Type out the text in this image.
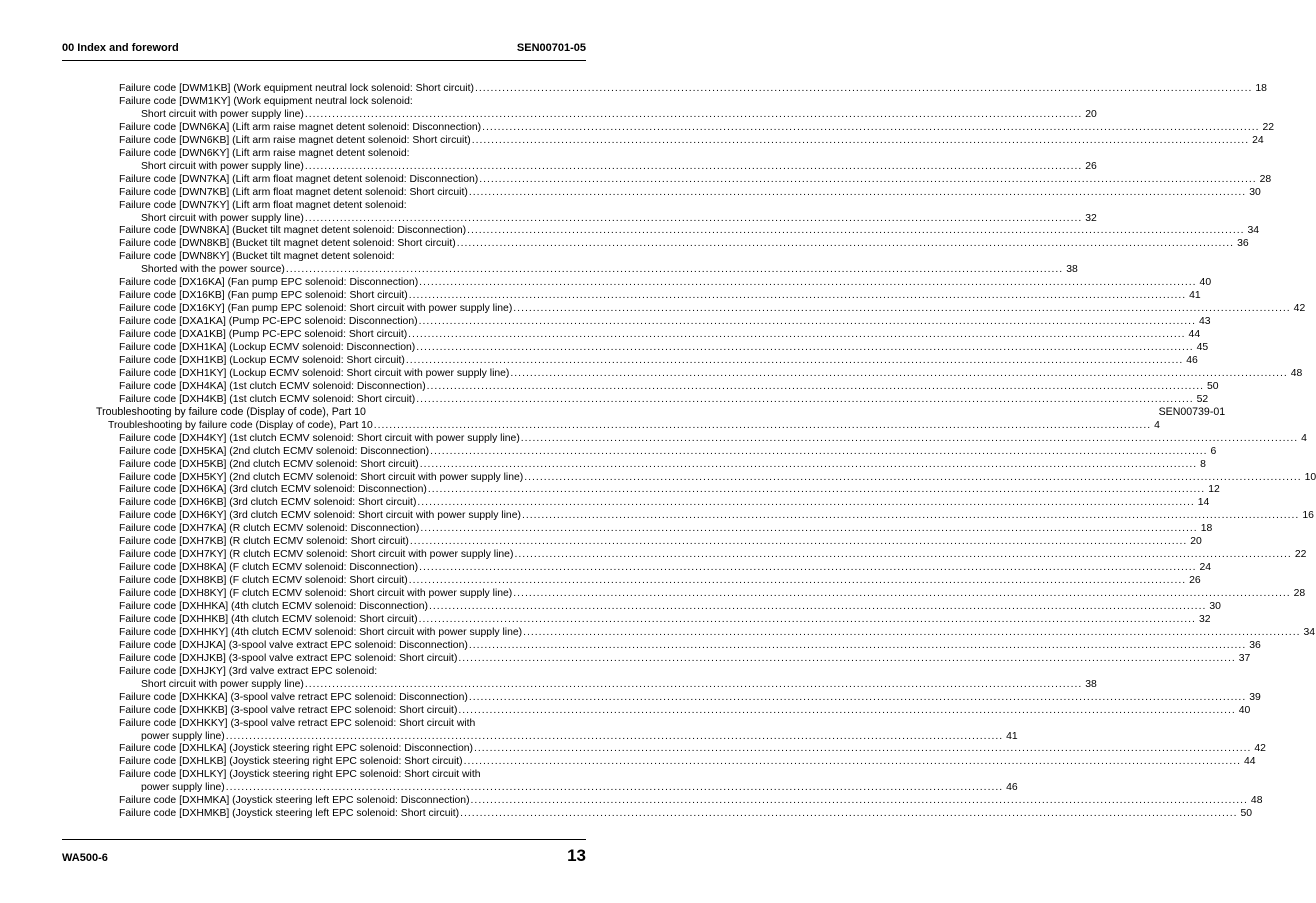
00 Index and foreword	SEN00701-05
Failure code [DWM1KB] (Work equipment neutral lock solenoid: Short circuit) ........................................................................................................................................................................................................ 18
Failure code [DWM1KY] (Work equipment neutral lock solenoid:
Short circuit with power supply line) ........................................................................................................................................................................................................ 20
Failure code [DWN6KA] (Lift arm raise magnet detent solenoid: Disconnection) ........................................................................................................................................................................................................ 22
Failure code [DWN6KB] (Lift arm raise magnet detent solenoid: Short circuit) ........................................................................................................................................................................................................ 24
Failure code [DWN6KY] (Lift arm raise magnet detent solenoid:
Short circuit with power supply line) ........................................................................................................................................................................................................ 26
Failure code [DWN7KA] (Lift arm float magnet detent solenoid: Disconnection) ........................................................................................................................................................................................................ 28
Failure code [DWN7KB] (Lift arm float magnet detent solenoid: Short circuit) ........................................................................................................................................................................................................ 30
Failure code [DWN7KY] (Lift arm float magnet detent solenoid:
Short circuit with power supply line) ........................................................................................................................................................................................................ 32
Failure code [DWN8KA] (Bucket tilt magnet detent solenoid: Disconnection) ........................................................................................................................................................................................................ 34
Failure code [DWN8KB] (Bucket tilt magnet detent solenoid: Short circuit) ........................................................................................................................................................................................................ 36
Failure code [DWN8KY] (Bucket tilt magnet detent solenoid:
Shorted with the power source) ........................................................................................................................................................................................................ 38
Failure code [DX16KA] (Fan pump EPC solenoid: Disconnection) ........................................................................................................................................................................................................ 40
Failure code [DX16KB] (Fan pump EPC solenoid: Short circuit) ........................................................................................................................................................................................................ 41
Failure code [DX16KY] (Fan pump EPC solenoid: Short circuit with power supply line) ........................................................................................................................................................................................................ 42
Failure code [DXA1KA] (Pump PC-EPC solenoid: Disconnection) ........................................................................................................................................................................................................ 43
Failure code [DXA1KB] (Pump PC-EPC solenoid: Short circuit) ........................................................................................................................................................................................................ 44
Failure code [DXH1KA] (Lockup ECMV solenoid: Disconnection) ........................................................................................................................................................................................................ 45
Failure code [DXH1KB] (Lockup ECMV solenoid: Short circuit) ........................................................................................................................................................................................................ 46
Failure code [DXH1KY] (Lockup ECMV solenoid: Short circuit with power supply line) ........................................................................................................................................................................................................ 48
Failure code [DXH4KA] (1st clutch ECMV solenoid: Disconnection) ........................................................................................................................................................................................................ 50
Failure code [DXH4KB] (1st clutch ECMV solenoid: Short circuit) ........................................................................................................................................................................................................ 52
Troubleshooting by failure code (Display of code), Part 10	SEN00739-01
Troubleshooting by failure code (Display of code), Part 10 ........................................................................................................................................................................................................ 4
Failure code [DXH4KY] (1st clutch ECMV solenoid: Short circuit with power supply line) ........................................................................................................................................................................................................ 4
Failure code [DXH5KA] (2nd clutch ECMV solenoid: Disconnection) ........................................................................................................................................................................................................ 6
Failure code [DXH5KB] (2nd clutch ECMV solenoid: Short circuit) ........................................................................................................................................................................................................ 8
Failure code [DXH5KY] (2nd clutch ECMV solenoid: Short circuit with power supply line) ........................................................................................................................................................................................................ 10
Failure code [DXH6KA] (3rd clutch ECMV solenoid: Disconnection) ........................................................................................................................................................................................................ 12
Failure code [DXH6KB] (3rd clutch ECMV solenoid: Short circuit) ........................................................................................................................................................................................................ 14
Failure code [DXH6KY] (3rd clutch ECMV solenoid: Short circuit with power supply line) ........................................................................................................................................................................................................ 16
Failure code [DXH7KA] (R clutch ECMV solenoid: Disconnection) ........................................................................................................................................................................................................ 18
Failure code [DXH7KB] (R clutch ECMV solenoid: Short circuit) ........................................................................................................................................................................................................ 20
Failure code [DXH7KY] (R clutch ECMV solenoid: Short circuit with power supply line) ........................................................................................................................................................................................................ 22
Failure code [DXH8KA] (F clutch ECMV solenoid: Disconnection) ........................................................................................................................................................................................................ 24
Failure code [DXH8KB] (F clutch ECMV solenoid: Short circuit) ........................................................................................................................................................................................................ 26
Failure code [DXH8KY] (F clutch ECMV solenoid: Short circuit with power supply line) ........................................................................................................................................................................................................ 28
Failure code [DXHHKA] (4th clutch ECMV solenoid: Disconnection) ........................................................................................................................................................................................................ 30
Failure code [DXHHKB] (4th clutch ECMV solenoid: Short circuit) ........................................................................................................................................................................................................ 32
Failure code [DXHHKY] (4th clutch ECMV solenoid: Short circuit with power supply line) ........................................................................................................................................................................................................ 34
Failure code [DXHJKA] (3-spool valve extract EPC solenoid: Disconnection) ........................................................................................................................................................................................................ 36
Failure code [DXHJKB] (3-spool valve extract EPC solenoid: Short circuit) ........................................................................................................................................................................................................ 37
Failure code [DXHJKY] (3rd valve extract EPC solenoid:
Short circuit with power supply line) ........................................................................................................................................................................................................ 38
Failure code [DXHKKA] (3-spool valve retract EPC solenoid: Disconnection) ........................................................................................................................................................................................................ 39
Failure code [DXHKKB] (3-spool valve retract EPC solenoid: Short circuit) ........................................................................................................................................................................................................ 40
Failure code [DXHKKY] (3-spool valve retract EPC solenoid: Short circuit with
power supply line) ........................................................................................................................................................................................................ 41
Failure code [DXHLKA] (Joystick steering right EPC solenoid: Disconnection) ........................................................................................................................................................................................................ 42
Failure code [DXHLKB] (Joystick steering right EPC solenoid: Short circuit) ........................................................................................................................................................................................................ 44
Failure code [DXHLKY] (Joystick steering right EPC solenoid: Short circuit with
power supply line) ........................................................................................................................................................................................................ 46
Failure code [DXHMKA] (Joystick steering left EPC solenoid: Disconnection) ........................................................................................................................................................................................................ 48
Failure code [DXHMKB] (Joystick steering left EPC solenoid: Short circuit) ........................................................................................................................................................................................................ 50
WA500-6	13
